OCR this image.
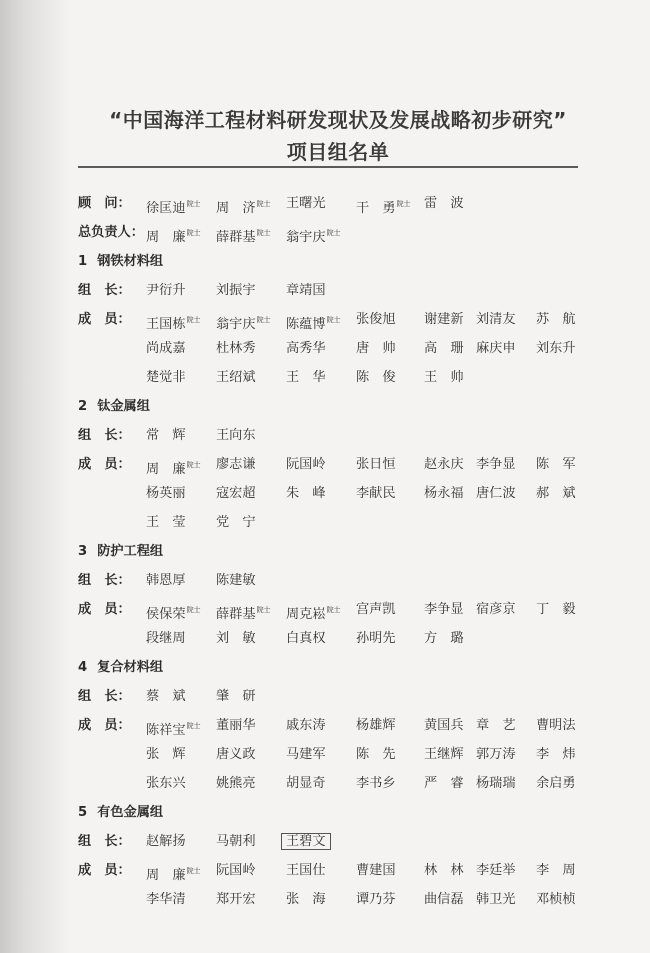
“中国海洋工程材料研发现状及发展战略初步研究”
项目组名单
顾　问：	徐匡迪$^{院士}$ 周　济$^{院士}$ 王曙光 干　勇$^{院士}$ 雷　波
总负责人： 周　廉$^{院士}$ 薛群基$^{院士}$ 翁宇庆$^{院士}$
1 钢铁材料组
组　长：	尹衍升 刘振宇 章靖国
成　员：	王国栋$^{院士}$ 翁宇庆$^{院士}$ 陈蕴博$^{院士}$ 张俊旭 谢建新 刘清友 苏　航
尚成嘉 杜林秀 高秀华 唐　帅 高　珊 麻庆申 刘东升
楚觉非 王绍斌 王　华 陈　俊 王　帅
2 钛金属组
组　长：	常　辉 王向东
成　员：	周　廉$^{院士}$ 廖志谦 阮国岭 张日恒 赵永庆 李争显 陈　军
杨英丽 寇宏超 朱　峰 李献民 杨永福 唐仁波 郝　斌
王　莹 党　宁
3 防护工程组
组　长：	韩恩厚 陈建敏
成　员：	侯保荣$^{院士}$ 薛群基$^{院士}$ 周克崧$^{院士}$ 宫声凯 李争显 宿彦京 丁　毅
段继周 刘　敏 白真权 孙明先 方　璐
4 复合材料组
组　长：	蔡　斌 肇　研
成　员：	陈祥宝$^{院士}$ 董丽华 戚东涛 杨雄辉 黄国兵 章　艺 曹明法
张　辉 唐义政 马建军 陈　先 王继辉 郭万涛 李　炜
张东兴 姚熊亮 胡显奇 李书乡 严　睿 杨瑞瑞 余启勇
5 有色金属组
组　长：	赵解扬 马朝利 王碧文
成　员：	周　廉$^{院士}$ 阮国岭 王国仕 曹建国 林　林 李廷举 李　周
李华清 郑开宏 张　海 谭乃芬 曲信磊 韩卫光 邓桢桢
